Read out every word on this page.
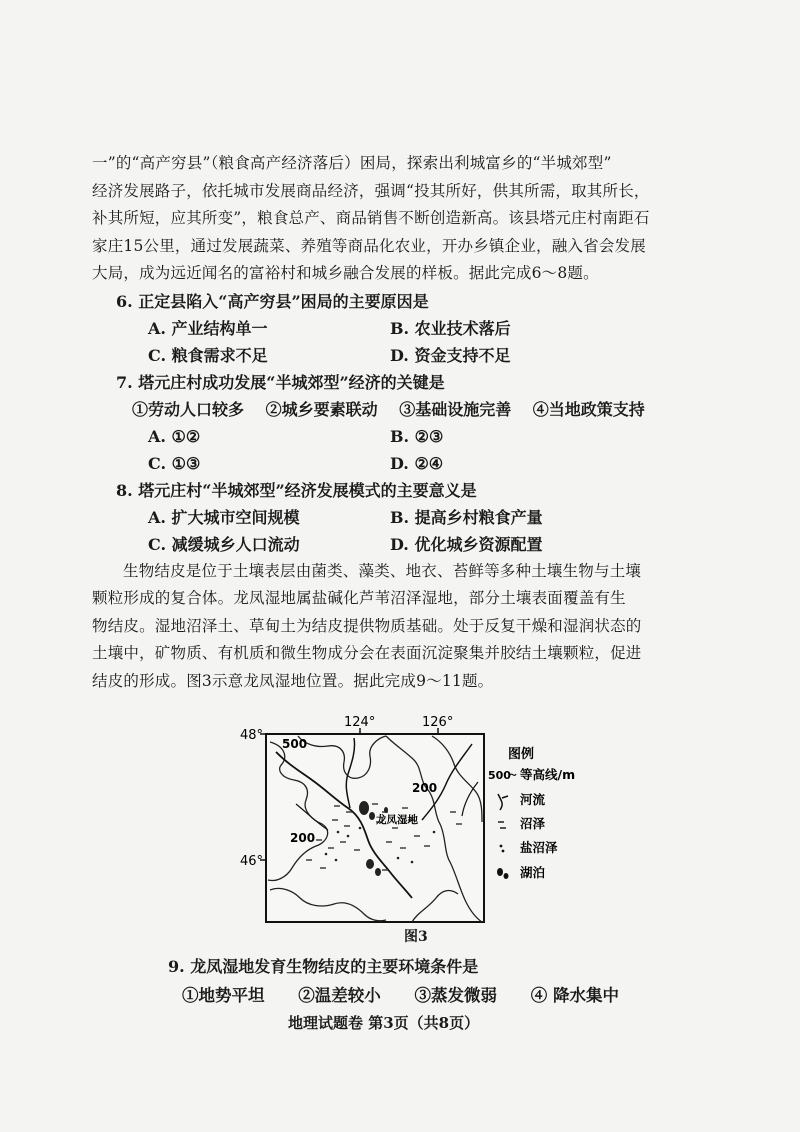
一”的“高产穷县”（粮食高产经济落后）困局，探索出利城富乡的“半城郊型”

经济发展路子，依托城市发展商品经济，强调“投其所好，供其所需，取其所长，

补其所短，应其所变”，粮食总产、商品销售不断创造新高。该县塔元庄村南距石

家庄15公里，通过发展蔬菜、养殖等商品化农业，开办乡镇企业，融入省会发展

大局，成为远近闻名的富裕村和城乡融合发展的样板。据此完成6～8题。

6. 正定县陷入“高产穷县”困局的主要原因是

A. 产业结构单一	B. 农业技术落后
C. 粮食需求不足	D. 资金支持不足

7. 塔元庄村成功发展“半城郊型”经济的关键是

①劳动人口较多 ②城乡要素联动 ③基础设施完善 ④当地政策支持
A. ①②	B. ②③
C. ①③	D. ②④

8. 塔元庄村“半城郊型”经济发展模式的主要意义是

A. 扩大城市空间规模	B. 提高乡村粮食产量
C. 减缓城乡人口流动	D. 优化城乡资源配置

生物结皮是位于土壤表层由菌类、藻类、地衣、苔鲜等多种土壤生物与土壤

颗粒形成的复合体。龙凤湿地属盐碱化芦苇沼泽湿地，部分土壤表面覆盖有生

物结皮。湿地沼泽土、草甸土为结皮提供物质基础。处于反复干燥和湿润状态的

土壤中，矿物质、有机质和微生物成分会在表面沉淀聚集并胶结土壤颗粒，促进

结皮的形成。图3示意龙凤湿地位置。据此完成9～11题。

124°	126°
48°
46°
500
200
200
龙凤湿地
图例
500 等高线/m
河流
沼泽
盐沼泽
湖泊
图3
9. 龙凤湿地发育生物结皮的主要环境条件是
①地势平坦 ②温差较小 ③蒸发微弱 ④ 降水集中
地理试题卷 第3页（共8页）
